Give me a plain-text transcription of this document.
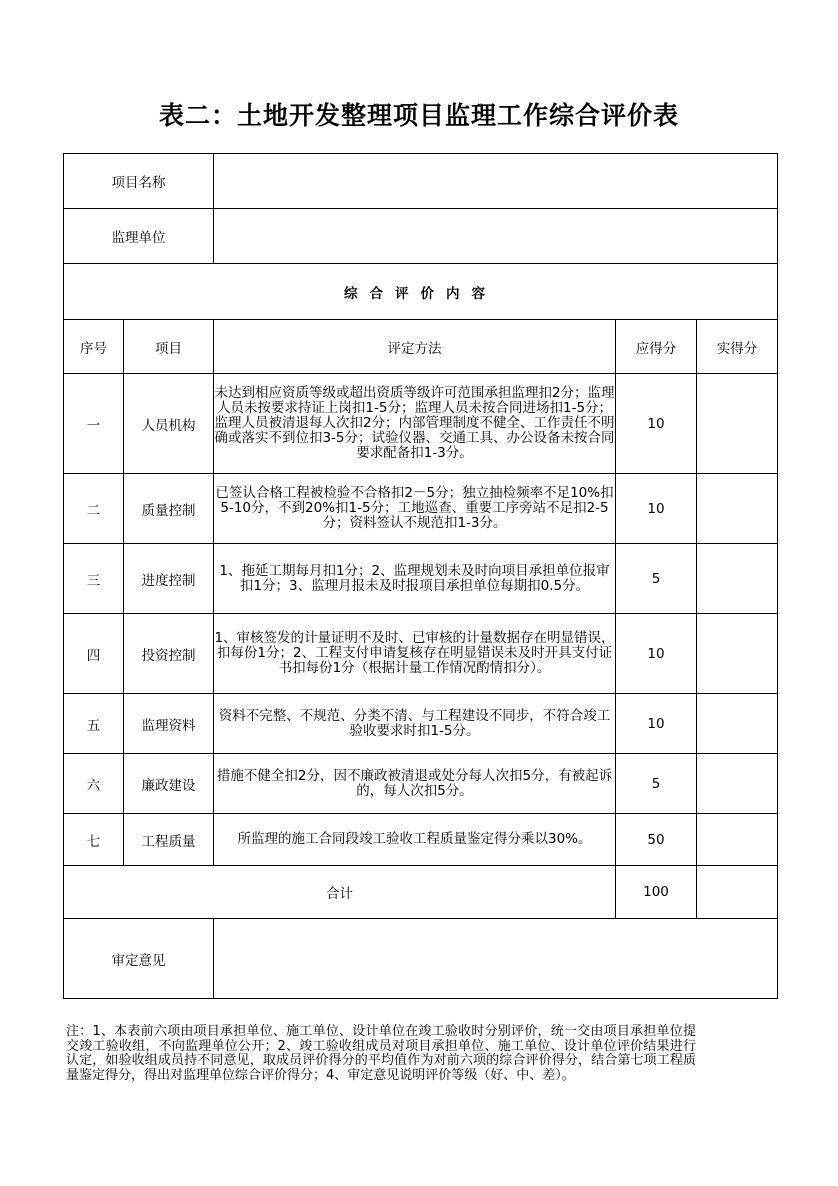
表二：土地开发整理项目监理工作综合评价表
项目名称				
监理单位				
综合评价内容				
序号	项目	评定方法	应得分	实得分
一	人员机构	未达到相应资质等级或超出资质等级许可范围承担监理扣2分；监理人员未按要求持证上岗扣1-5分；监理人员未按合同进场扣1-5分；监理人员被清退每人次扣2分；内部管理制度不健全、工作责任不明确或落实不到位扣3-5分；试验仪器、交通工具、办公设备未按合同要求配备扣1-3分。	10	
二	质量控制	已签认合格工程被检验不合格扣2－5分；独立抽检频率不足10%扣5-10分，不到20%扣1-5分；工地巡查、重要工序旁站不足扣2-5分；资料签认不规范扣1-3分。	10	
三	进度控制	1、拖延工期每月扣1分；2、监理规划未及时向项目承担单位报审扣1分；3、监理月报未及时报项目承担单位每期扣0.5分。	5	
四	投资控制	1、审核签发的计量证明不及时、已审核的计量数据存在明显错误，扣每份1分；2、工程支付申请复核存在明显错误未及时开具支付证书扣每份1分（根据计量工作情况酌情扣分）。	10	
五	监理资料	资料不完整、不规范、分类不清、与工程建设不同步，不符合竣工验收要求时扣1-5分。	10	
六	廉政建设	措施不健全扣2分，因不廉政被清退或处分每人次扣5分，有被起诉的，每人次扣5分。	5	
七	工程质量	所监理的施工合同段竣工验收工程质量鉴定得分乘以30%。	50	
合计			100	
审定意见				
注：1、本表前六项由项目承担单位、施工单位、设计单位在竣工验收时分别评价，统一交由项目承担单位提交竣工验收组，不向监理单位公开；2、竣工验收组成员对项目承担单位、施工单位、设计单位评价结果进行认定，如验收组成员持不同意见，取成员评价得分的平均值作为对前六项的综合评价得分，结合第七项工程质量鉴定得分，得出对监理单位综合评价得分；4、审定意见说明评价等级（好、中、差）。
